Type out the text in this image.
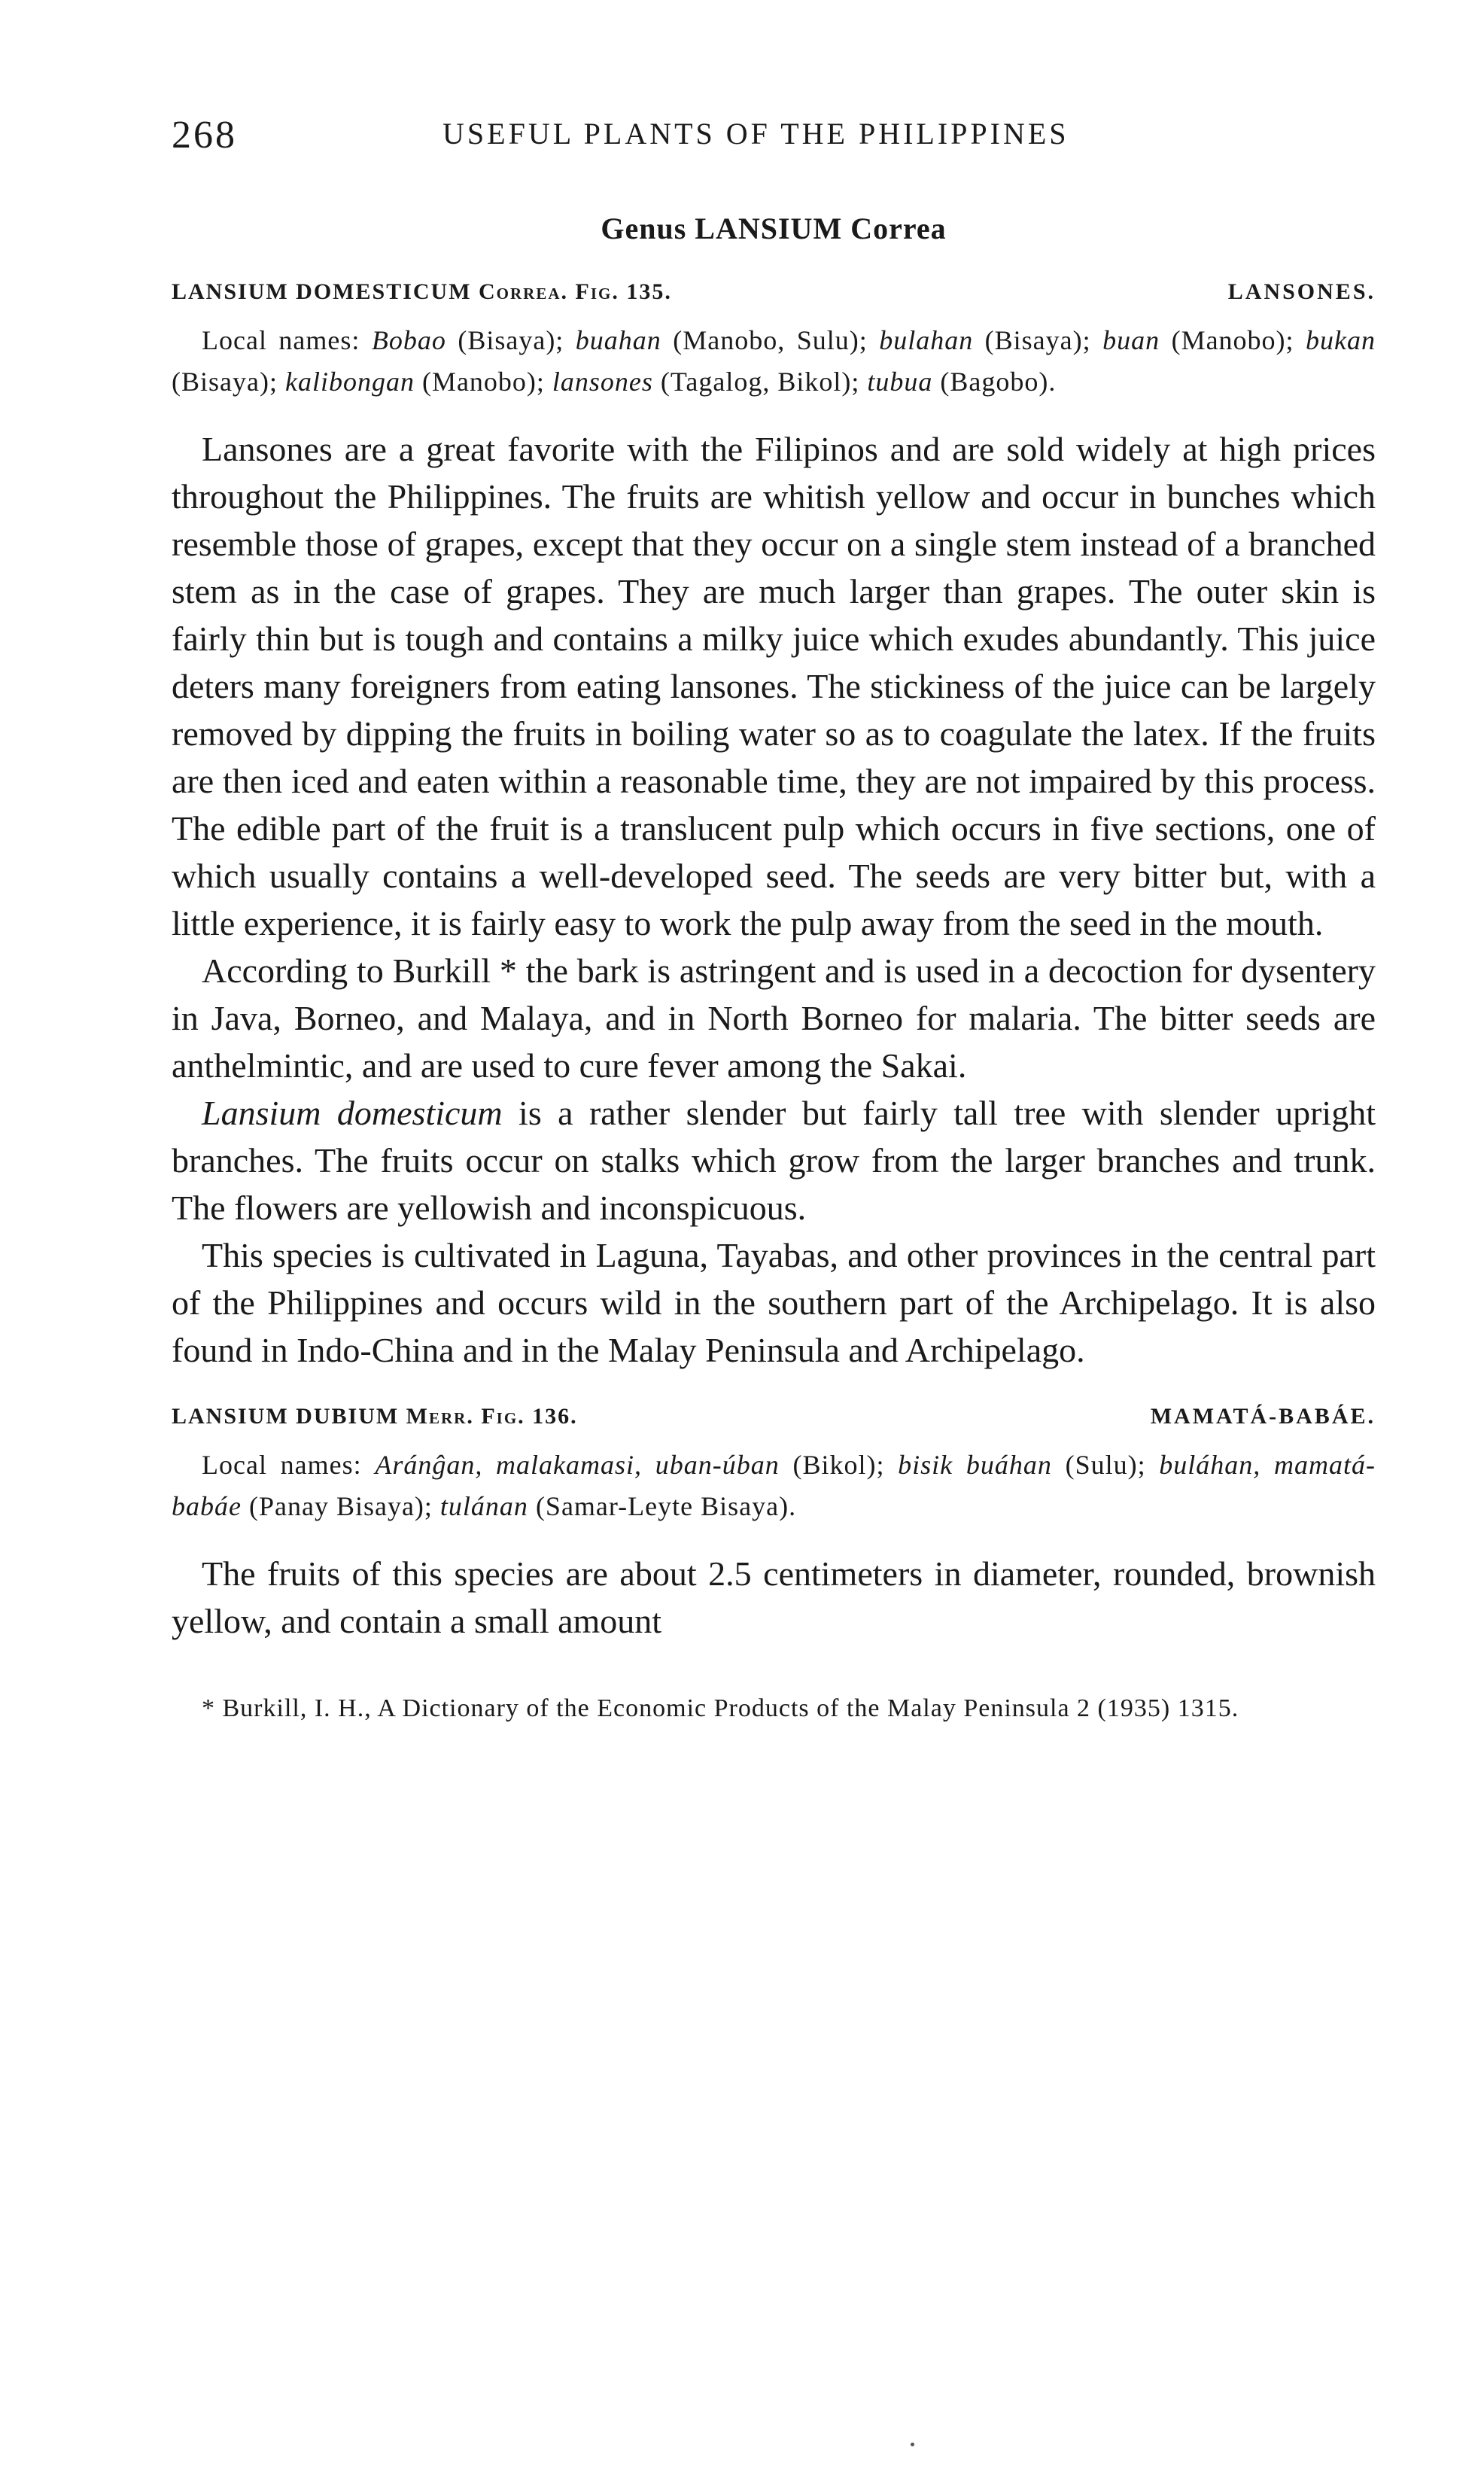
268	USEFUL PLANTS OF THE PHILIPPINES
Genus LANSIUM Correa
LANSIUM DOMESTICUM Correa. Fig. 135.	LANSONES.
Local names: Bobao (Bisaya); buahan (Manobo, Sulu); bulahan (Bisaya); buan (Manobo); bukan (Bisaya); kalibongan (Manobo); lansones (Tagalog, Bikol); tubua (Bagobo).

Lansones are a great favorite with the Filipinos and are sold widely at high prices throughout the Philippines. The fruits are whitish yellow and occur in bunches which resemble those of grapes, except that they occur on a single stem instead of a branched stem as in the case of grapes. They are much larger than grapes. The outer skin is fairly thin but is tough and contains a milky juice which exudes abundantly. This juice deters many foreigners from eating lansones. The stickiness of the juice can be largely removed by dipping the fruits in boiling water so as to coagulate the latex. If the fruits are then iced and eaten within a reasonable time, they are not impaired by this process. The edible part of the fruit is a translucent pulp which occurs in five sections, one of which usually contains a well-developed seed. The seeds are very bitter but, with a little experience, it is fairly easy to work the pulp away from the seed in the mouth.

According to Burkill * the bark is astringent and is used in a decoction for dysentery in Java, Borneo, and Malaya, and in North Borneo for malaria. The bitter seeds are anthelmintic, and are used to cure fever among the Sakai.

Lansium domesticum is a rather slender but fairly tall tree with slender upright branches. The fruits occur on stalks which grow from the larger branches and trunk. The flowers are yellowish and inconspicuous.

This species is cultivated in Laguna, Tayabas, and other provinces in the central part of the Philippines and occurs wild in the southern part of the Archipelago. It is also found in Indo-China and in the Malay Peninsula and Archipelago.

LANSIUM DUBIUM Merr. Fig. 136.	MAMATÁ-BABÁE.
Local names: Aránĝan, malakamasi, uban-úban (Bikol); bisik buáhan (Sulu); buláhan, mamatá-babáe (Panay Bisaya); tulánan (Samar-Leyte Bisaya).

The fruits of this species are about 2.5 centimeters in diameter, rounded, brownish yellow, and contain a small amount

* Burkill, I. H., A Dictionary of the Economic Products of the Malay Peninsula 2 (1935) 1315.
